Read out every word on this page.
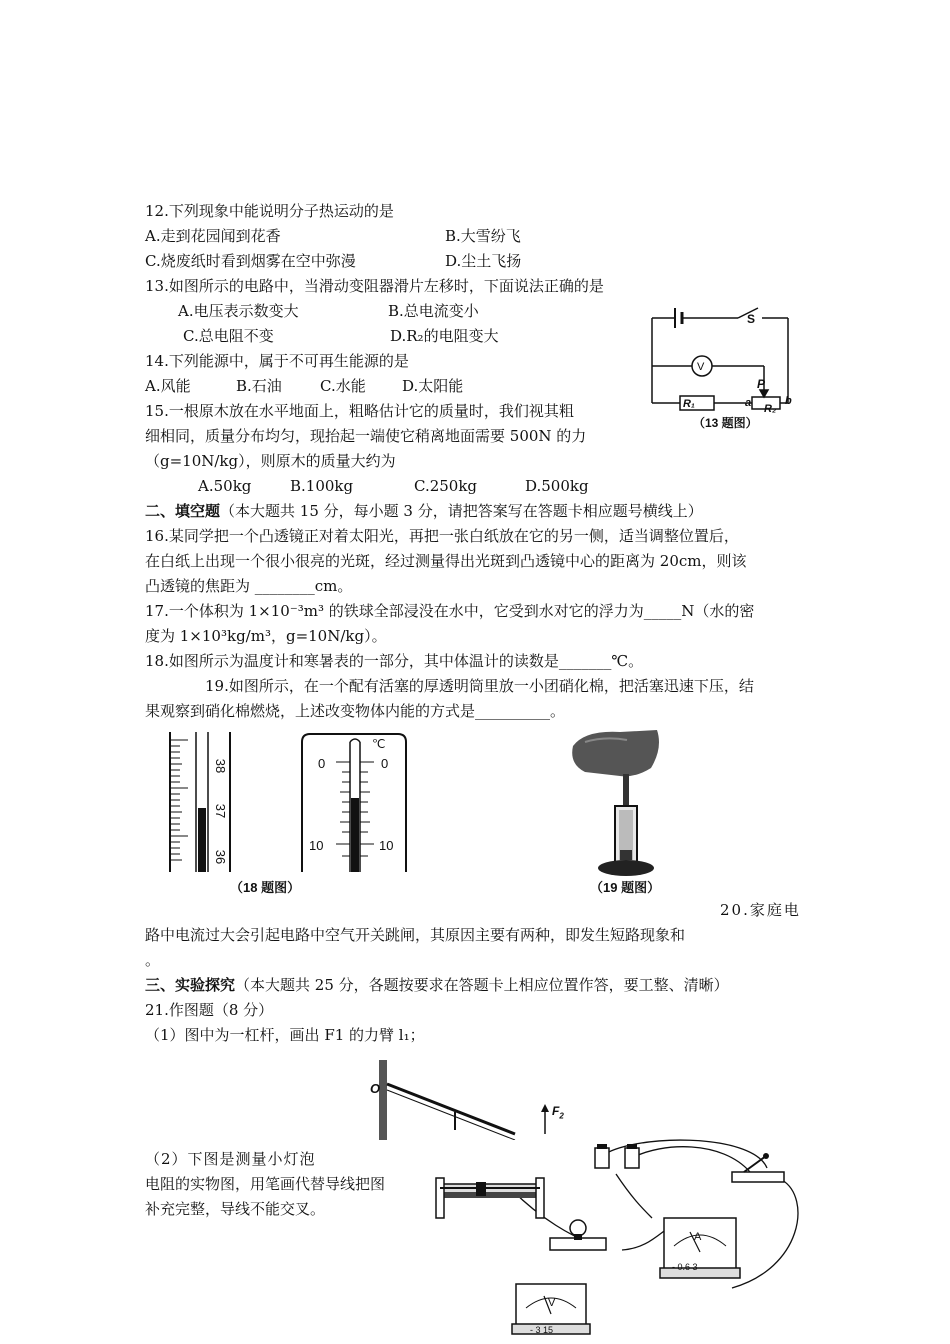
12.下列现象中能说明分子热运动的是
A.走到花园闻到花香	B.大雪纷飞
C.烧废纸时看到烟雾在空中弥漫	D.尘土飞扬
13.如图所示的电路中，当滑动变阻器滑片左移时，下面说法正确的是
A.电压表示数变大	B.总电流变小
C.总电阻不变	D.R₂的电阻变大
S
V
P
R₁	a R₂
b
（13 题图）
14.下列能源中，属于不可再生能源的是
A.风能	B.石油	C.水能 D.太阳能
15.一根原木放在水平地面上，粗略估计它的质量时，我们视其粗
细相同，质量分布均匀，现抬起一端使它稍离地面需要 500N 的力
（g=10N/kg），则原木的质量大约为
A.50kg	B.100kg	C.250kg	D.500kg
二、填空题（本大题共 15 分，每小题 3 分，请把答案写在答题卡相应题号横线上）
16.某同学把一个凸透镜正对着太阳光，再把一张白纸放在它的另一侧，适当调整位置后，
在白纸上出现一个很小很亮的光斑，经过测量得出光斑到凸透镜中心的距离为 20cm，则该
凸透镜的焦距为 ________cm。
17.一个体积为 1×10⁻³m³ 的铁球全部浸没在水中，它受到水对它的浮力为_____N（水的密
度为 1×10³kg/m³，g=10N/kg）。
18.如图所示为温度计和寒暑表的一部分，其中体温计的读数是_______℃。
19.如图所示，在一个配有活塞的厚透明筒里放一小团硝化棉，把活塞迅速下压，结
果观察到硝化棉燃烧，上述改变物体内能的方式是__________。
38
37
36
℃
0	0
10	10
（18 题图）	（19 题图）
20.家庭电
路中电流过大会引起电路中空气开关跳闸，其原因主要有两种，即发生短路现象和
。
三、实验探究（本大题共 25 分，各题按要求在答题卡上相应位置作答，要工整、清晰）
21.作图题（8 分）
（1）图中为一杠杆，画出 F1 的力臂 l₁；
O
$F_2$
（2）下图是测量小灯泡
电阻的实物图，用笔画代替导线把图
补充完整，导线不能交叉。
A
- 0.6 3
V
- 3 15
